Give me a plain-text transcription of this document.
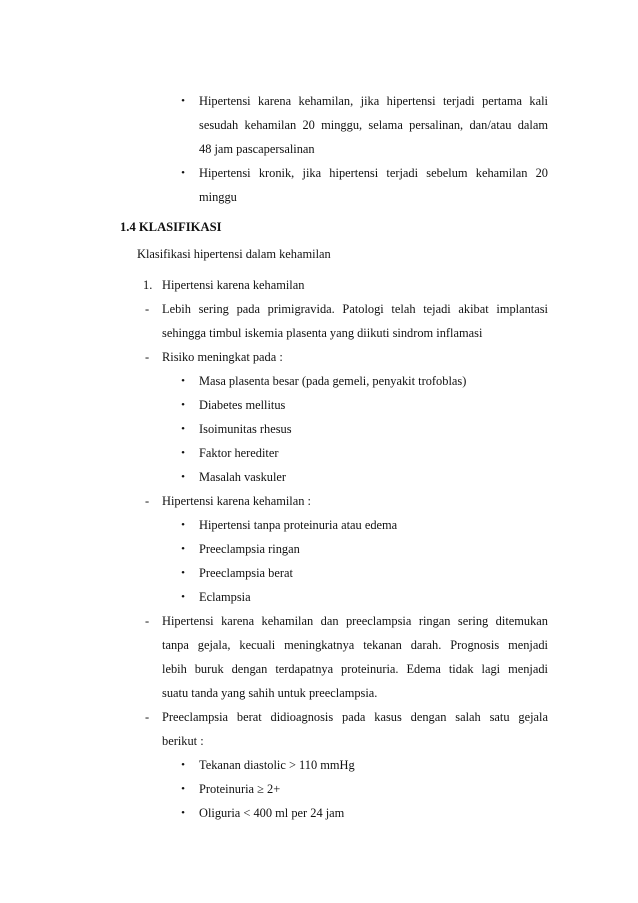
• Hipertensi karena kehamilan, jika hipertensi terjadi pertama kali
sesudah kehamilan 20 minggu, selama persalinan, dan/atau dalam
48 jam pascapersalinan
• Hipertensi kronik, jika hipertensi terjadi sebelum kehamilan 20
minggu
1.4 KLASIFIKASI
Klasifikasi hipertensi dalam kehamilan
1. Hipertensi karena kehamilan
- Lebih sering pada primigravida. Patologi telah tejadi akibat implantasi
sehingga timbul iskemia plasenta yang diikuti sindrom inflamasi
- Risiko meningkat pada :
• Masa plasenta besar (pada gemeli, penyakit trofoblas)
• Diabetes mellitus
• Isoimunitas rhesus
• Faktor herediter
• Masalah vaskuler
- Hipertensi karena kehamilan :
• Hipertensi tanpa proteinuria atau edema
• Preeclampsia ringan
• Preeclampsia berat
• Eclampsia
- Hipertensi karena kehamilan dan preeclampsia ringan sering ditemukan
tanpa gejala, kecuali meningkatnya tekanan darah. Prognosis menjadi
lebih buruk dengan terdapatnya proteinuria. Edema tidak lagi menjadi
suatu tanda yang sahih untuk preeclampsia.
- Preeclampsia berat didioagnosis pada kasus dengan salah satu gejala
berikut :
• Tekanan diastolic > 110 mmHg
• Proteinuria ≥ 2+
• Oliguria < 400 ml per 24 jam
